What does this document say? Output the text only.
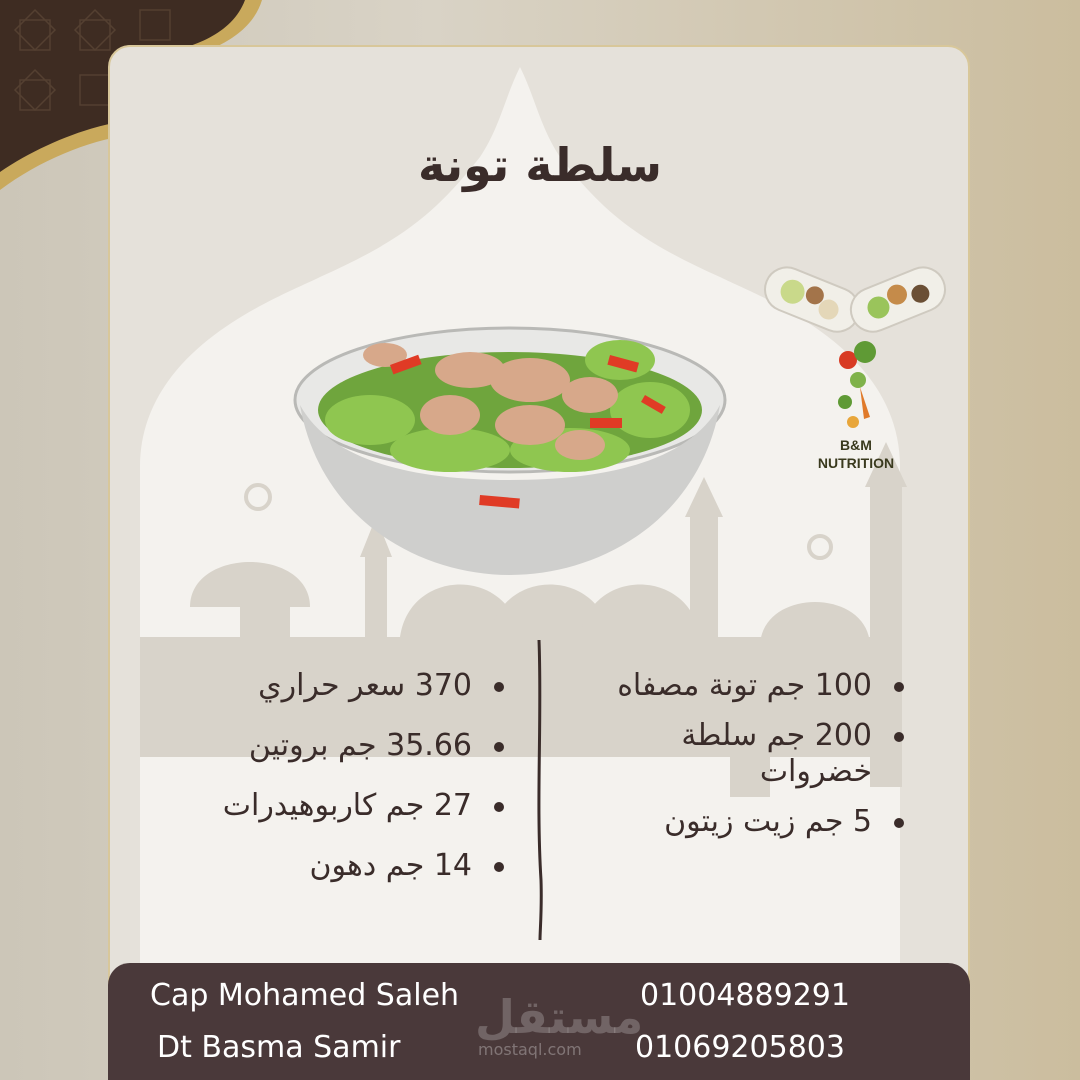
سلطة تونة
B&M
NUTRITION
100 جم تونة مصفاه
200 جم سلطة خضروات
5 جم زيت زيتون
370 سعر حراري
35.66 جم بروتين
27 جم كاربوهيدرات
14 جم دهون
مستقل
mostaql.com
Cap Mohamed Saleh	01004889291
Dt Basma Samir	01069205803
